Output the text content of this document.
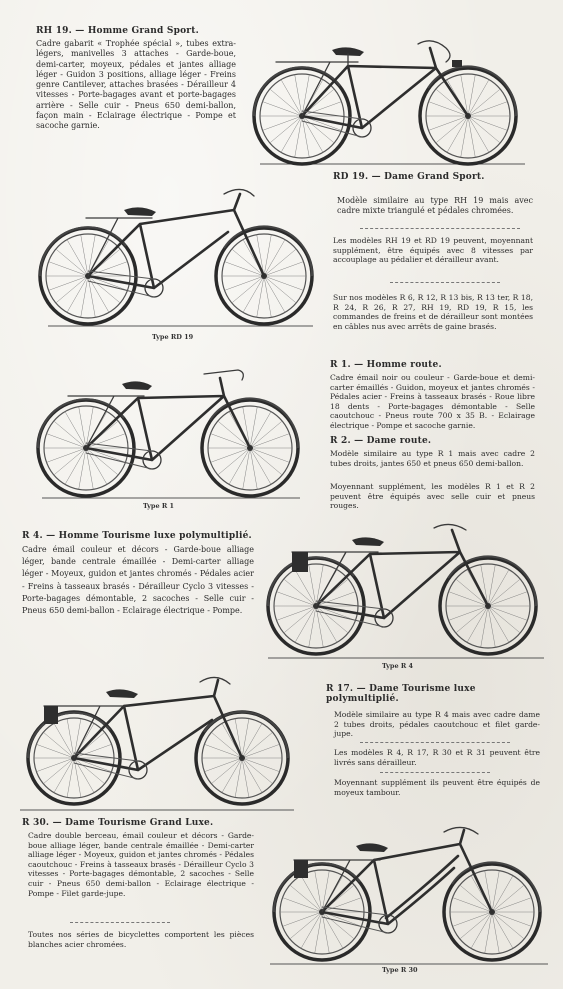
RH 19. — Homme Grand Sport.

Cadre gabarit « Trophée spécial », tubes extra-légers, manivelles 3 attaches - Garde-boue, demi-carter, moyeux, pédales et jantes alliage léger - Guidon 3 positions, alliage léger - Freins genre Cantilever, attaches brasées - Dérailleur 4 vitesses - Porte-bagages avant et porte-bagages arrière - Selle cuir - Pneus 650 demi-ballon, façon main - Eclairage électrique - Pompe et sacoche garnie.

RD 19. — Dame Grand Sport.

Modèle similaire au type RH 19 mais avec cadre mixte triangulé et pédales chromées.

Les modèles RH 19 et RD 19 peuvent, moyennant supplément, être équipés avec 8 vitesses par accouplage au pédalier et dérailleur avant.

Sur nos modèles R 6, R 12, R 13 bis, R 13 ter, R 18, R 24, R 26, R 27, RH 19, RD 19, R 15, les commandes de freins et de dérailleur sont montées en câbles nus avec arrêts de gaine brasés.

Type RD 19
Type R 1
R 1. — Homme route.

Cadre émail noir ou couleur - Garde-boue et demi-carter émaillés - Guidon, moyeux et jantes chromés - Pédales acier - Freins à tasseaux brasés - Roue libre 18 dents - Porte-bagages démontable - Selle caoutchouc - Pneus route 700 x 35 B. - Eclairage électrique - Pompe et sacoche garnie.

R 2. — Dame route.

Modèle similaire au type R 1 mais avec cadre 2 tubes droits, jantes 650 et pneus 650 demi-ballon.

Moyennant supplément, les modèles R 1 et R 2 peuvent être équipés avec selle cuir et pneus rouges.

R 4. — Homme Tourisme luxe polymultiplié.

Cadre émail couleur et décors - Garde-boue alliage léger, bande centrale émaillée - Demi-carter alliage léger - Moyeux, guidon et jantes chromés - Pédales acier - Freins à tasseaux brasés - Dérailleur Cyclo 3 vitesses - Porte-bagages démontable, 2 sacoches - Selle cuir - Pneus 650 demi-ballon - Eclairage électrique - Pompe.

Type R 4
R 17. — Dame Tourisme luxe polymultiplié.

Modèle similaire au type R 4 mais avec cadre dame 2 tubes droits, pédales caoutchouc et filet garde-jupe.

Les modèles R 4, R 17, R 30 et R 31 peuvent être livrés sans dérailleur.

Moyennant supplément ils peuvent être équipés de moyeux tambour.

R 30. — Dame Tourisme Grand Luxe.

Cadre double berceau, émail couleur et décors - Garde-boue alliage léger, bande centrale émaillée - Demi-carter alliage léger - Moyeux, guidon et jantes chromés - Pédales caoutchouc - Freins à tasseaux brasés - Dérailleur Cyclo 3 vitesses - Porte-bagages démontable, 2 sacoches - Selle cuir - Pneus 650 demi-ballon - Eclairage électrique - Pompe - Filet garde-jupe.

Toutes nos séries de bicyclettes comportent les pièces blanches acier chromées.

Type R 30
